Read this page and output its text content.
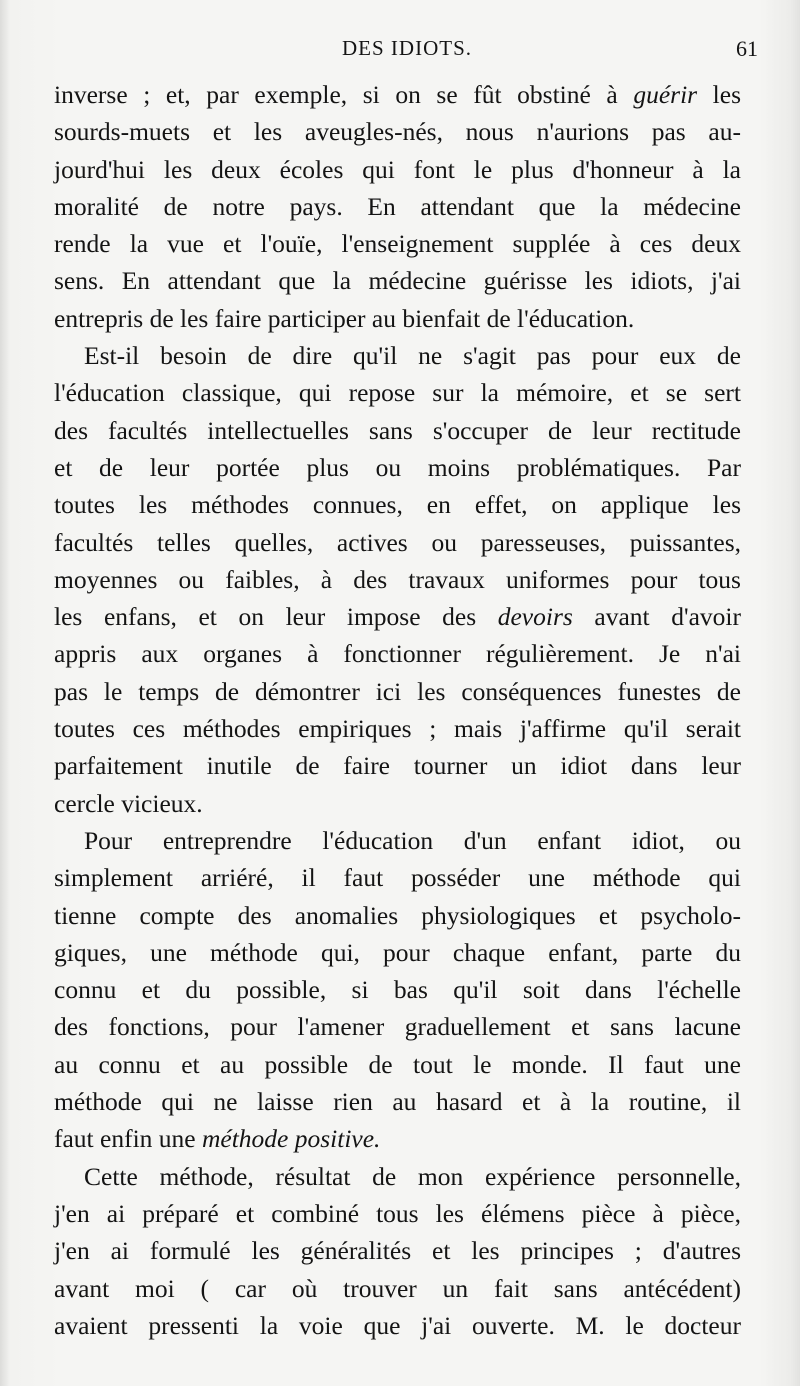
DES IDIOTS.	61
inverse ; et, par exemple, si on se fût obstiné à guérir les
sourds-muets et les aveugles-nés, nous n'aurions pas au-
jourd'hui les deux écoles qui font le plus d'honneur à la
moralité de notre pays. En attendant que la médecine
rende la vue et l'ouïe, l'enseignement supplée à ces deux
sens. En attendant que la médecine guérisse les idiots, j'ai
entrepris de les faire participer au bienfait de l'éducation.
Est-il besoin de dire qu'il ne s'agit pas pour eux de
l'éducation classique, qui repose sur la mémoire, et se sert
des facultés intellectuelles sans s'occuper de leur rectitude
et de leur portée plus ou moins problématiques. Par
toutes les méthodes connues, en effet, on applique les
facultés telles quelles, actives ou paresseuses, puissantes,
moyennes ou faibles, à des travaux uniformes pour tous
les enfans, et on leur impose des devoirs avant d'avoir
appris aux organes à fonctionner régulièrement. Je n'ai
pas le temps de démontrer ici les conséquences funestes de
toutes ces méthodes empiriques ; mais j'affirme qu'il serait
parfaitement inutile de faire tourner un idiot dans leur
cercle vicieux.
Pour entreprendre l'éducation d'un enfant idiot, ou
simplement arriéré, il faut posséder une méthode qui
tienne compte des anomalies physiologiques et psycholo-
giques, une méthode qui, pour chaque enfant, parte du
connu et du possible, si bas qu'il soit dans l'échelle
des fonctions, pour l'amener graduellement et sans lacune
au connu et au possible de tout le monde. Il faut une
méthode qui ne laisse rien au hasard et à la routine, il
faut enfin une méthode positive.
Cette méthode, résultat de mon expérience personnelle,
j'en ai préparé et combiné tous les élémens pièce à pièce,
j'en ai formulé les généralités et les principes ; d'autres
avant moi ( car où trouver un fait sans antécédent)
avaient pressenti la voie que j'ai ouverte. M. le docteur
